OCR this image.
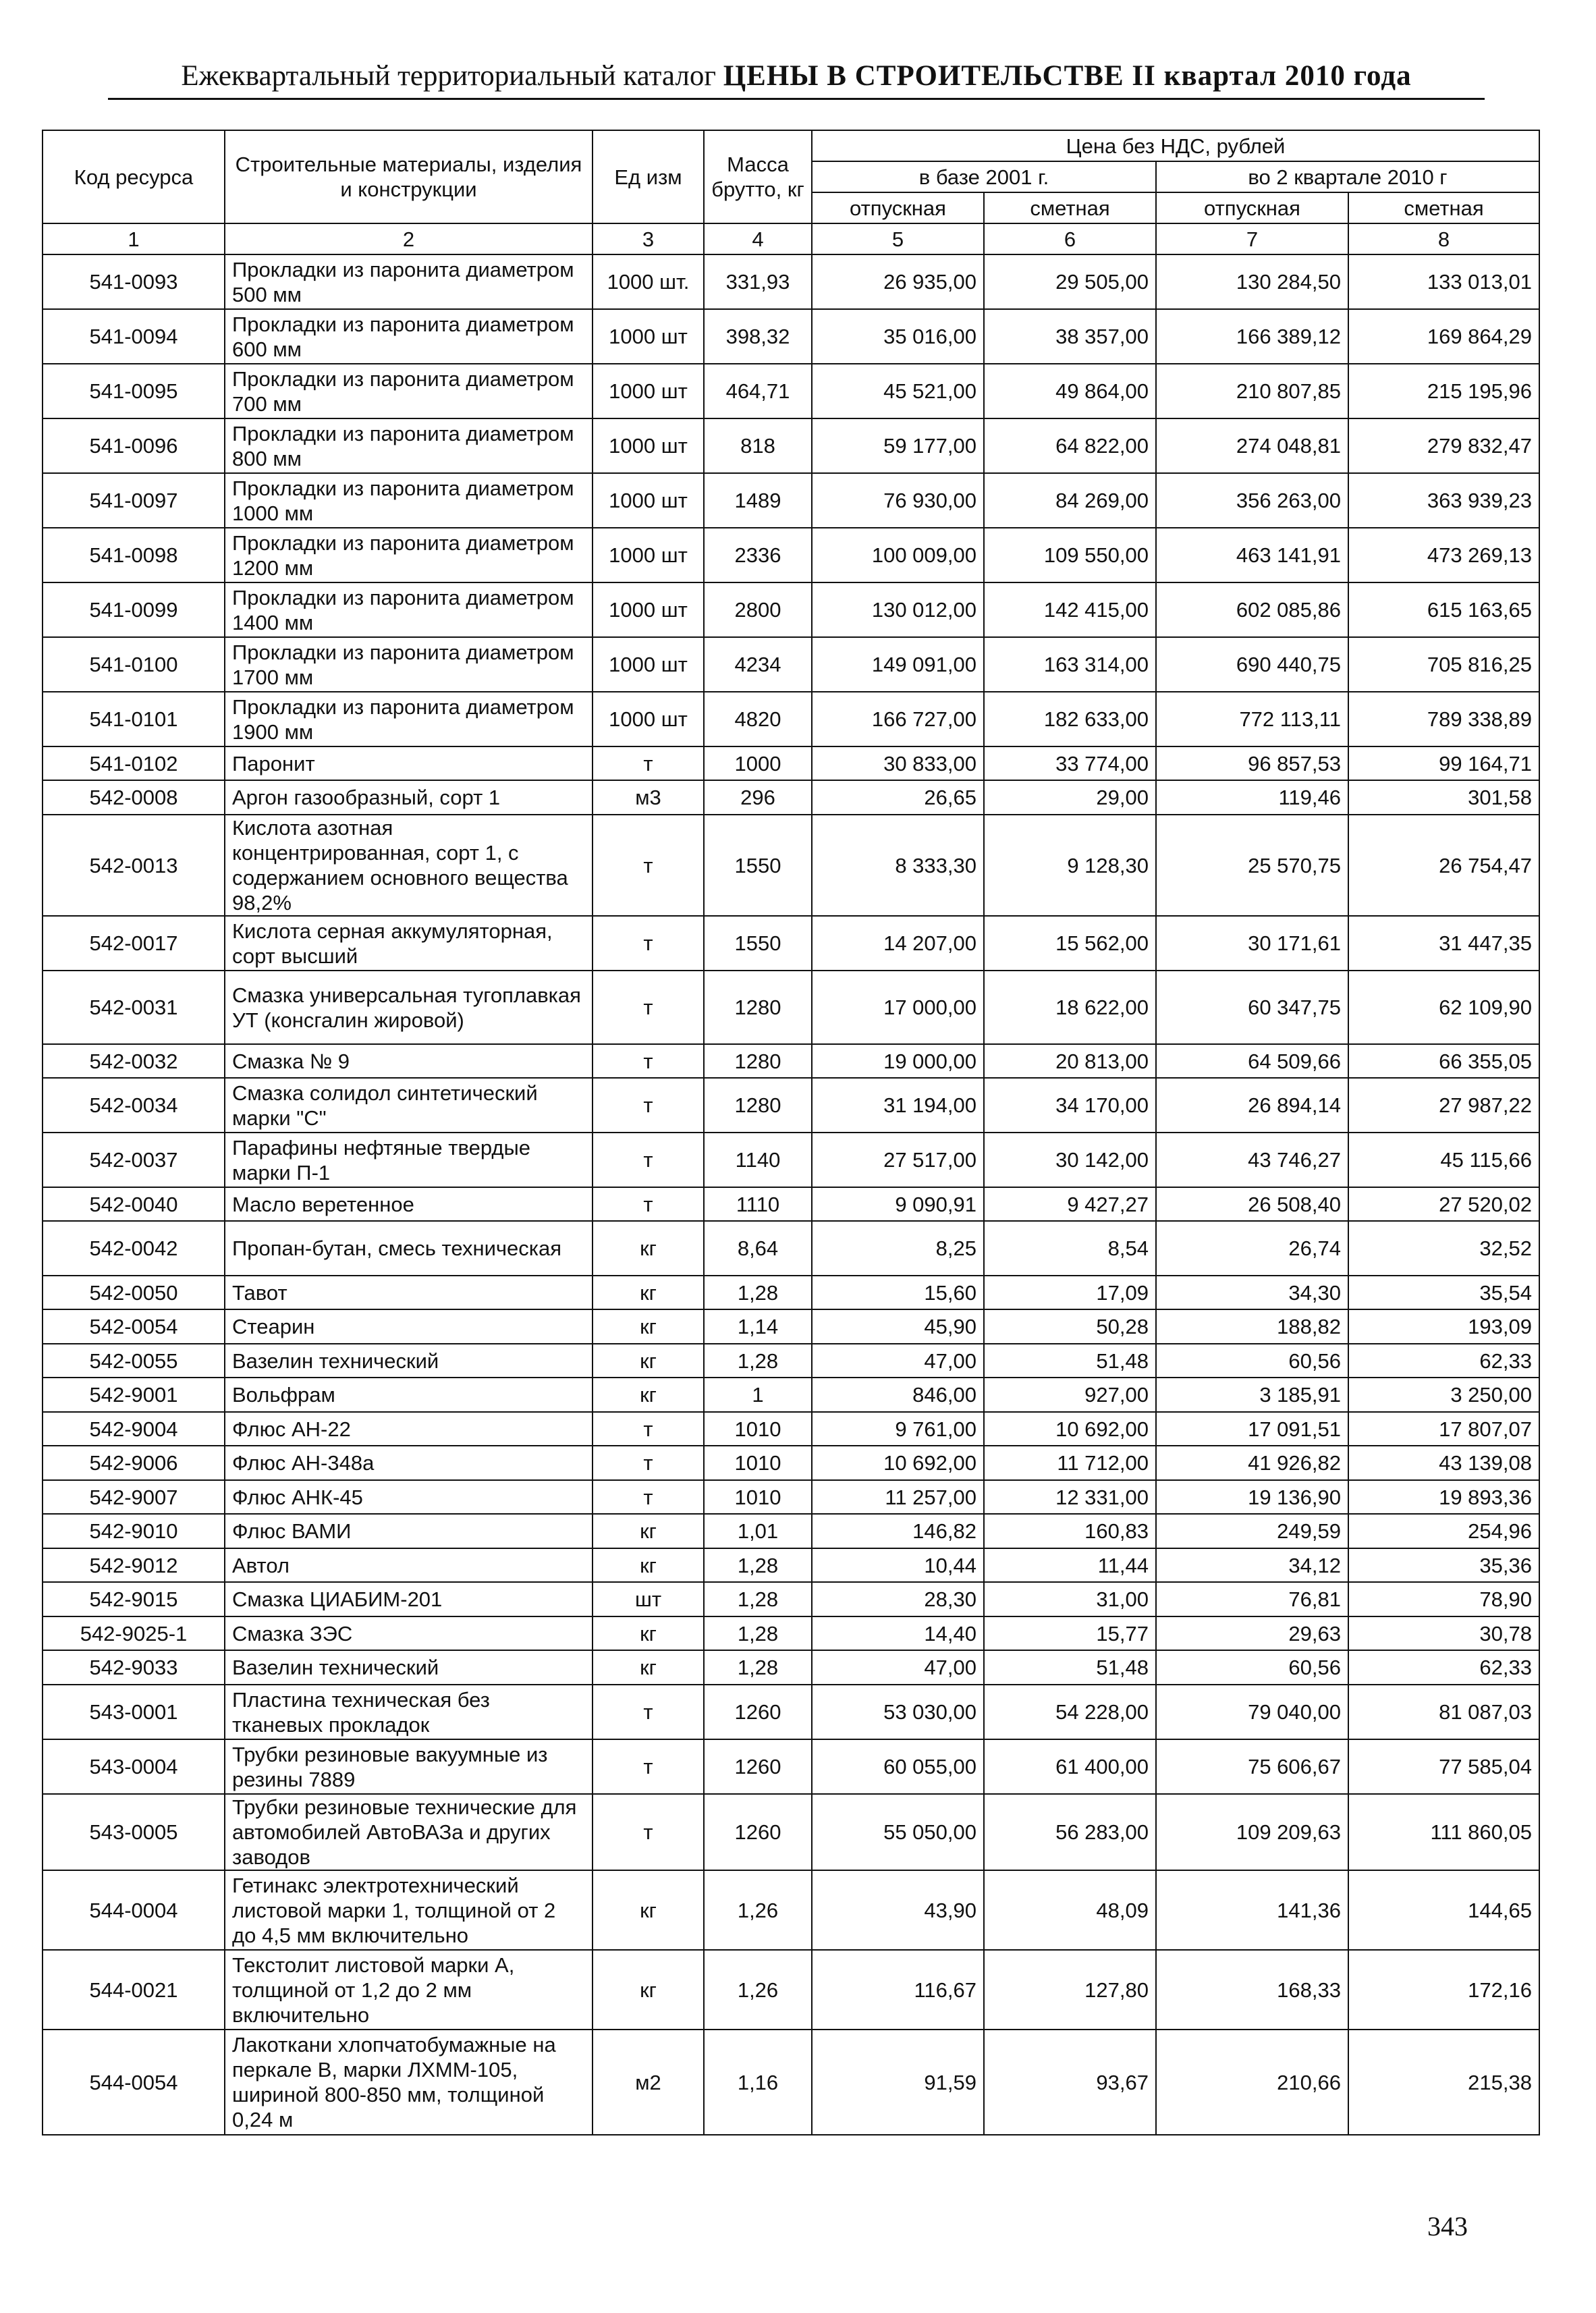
Ежеквартальный территориальный каталог ЦЕНЫ В СТРОИТЕЛЬСТВЕ II квартал 2010 года
Код ресурса	Строительные материалы, изделия и конструкции	Ед изм	Масса брутто, кг	Цена без НДС, рублей			
				в базе 2001 г.		во 2 квартале 2010 г	
				отпускная	сметная	отпускная	сметная
1	2	3	4	5	6	7	8
541-0093	Прокладки из паронита диаметром 500 мм	1000 шт.	331,93	26 935,00	29 505,00	130 284,50	133 013,01
541-0094	Прокладки из паронита диаметром 600 мм	1000 шт	398,32	35 016,00	38 357,00	166 389,12	169 864,29
541-0095	Прокладки из паронита диаметром 700 мм	1000 шт	464,71	45 521,00	49 864,00	210 807,85	215 195,96
541-0096	Прокладки из паронита диаметром 800 мм	1000 шт	818	59 177,00	64 822,00	274 048,81	279 832,47
541-0097	Прокладки из паронита диаметром 1000 мм	1000 шт	1489	76 930,00	84 269,00	356 263,00	363 939,23
541-0098	Прокладки из паронита диаметром 1200 мм	1000 шт	2336	100 009,00	109 550,00	463 141,91	473 269,13
541-0099	Прокладки из паронита диаметром 1400 мм	1000 шт	2800	130 012,00	142 415,00	602 085,86	615 163,65
541-0100	Прокладки из паронита диаметром 1700 мм	1000 шт	4234	149 091,00	163 314,00	690 440,75	705 816,25
541-0101	Прокладки из паронита диаметром 1900 мм	1000 шт	4820	166 727,00	182 633,00	772 113,11	789 338,89
541-0102	Паронит	т	1000	30 833,00	33 774,00	96 857,53	99 164,71
542-0008	Аргон газообразный, сорт 1	м3	296	26,65	29,00	119,46	301,58
542-0013	Кислота азотная концентрированная, сорт 1, с содержанием основного вещества 98,2%	т	1550	8 333,30	9 128,30	25 570,75	26 754,47
542-0017	Кислота серная аккумуляторная, сорт высший	т	1550	14 207,00	15 562,00	30 171,61	31 447,35
542-0031	Смазка универсальная тугоплавкая УТ (консгалин жировой)	т	1280	17 000,00	18 622,00	60 347,75	62 109,90
542-0032	Смазка № 9	т	1280	19 000,00	20 813,00	64 509,66	66 355,05
542-0034	Смазка солидол синтетический марки "С"	т	1280	31 194,00	34 170,00	26 894,14	27 987,22
542-0037	Парафины нефтяные твердые марки П-1	т	1140	27 517,00	30 142,00	43 746,27	45 115,66
542-0040	Масло веретенное	т	1110	9 090,91	9 427,27	26 508,40	27 520,02
542-0042	Пропан-бутан, смесь техническая	кг	8,64	8,25	8,54	26,74	32,52
542-0050	Тавот	кг	1,28	15,60	17,09	34,30	35,54
542-0054	Стеарин	кг	1,14	45,90	50,28	188,82	193,09
542-0055	Вазелин технический	кг	1,28	47,00	51,48	60,56	62,33
542-9001	Вольфрам	кг	1	846,00	927,00	3 185,91	3 250,00
542-9004	Флюс АН-22	т	1010	9 761,00	10 692,00	17 091,51	17 807,07
542-9006	Флюс АН-348а	т	1010	10 692,00	11 712,00	41 926,82	43 139,08
542-9007	Флюс АНК-45	т	1010	11 257,00	12 331,00	19 136,90	19 893,36
542-9010	Флюс ВАМИ	кг	1,01	146,82	160,83	249,59	254,96
542-9012	Автол	кг	1,28	10,44	11,44	34,12	35,36
542-9015	Смазка ЦИАБИМ-201	шт	1,28	28,30	31,00	76,81	78,90
542-9025-1	Смазка ЗЭС	кг	1,28	14,40	15,77	29,63	30,78
542-9033	Вазелин технический	кг	1,28	47,00	51,48	60,56	62,33
543-0001	Пластина техническая без тканевых прокладок	т	1260	53 030,00	54 228,00	79 040,00	81 087,03
543-0004	Трубки резиновые вакуумные из резины 7889	т	1260	60 055,00	61 400,00	75 606,67	77 585,04
543-0005	Трубки резиновые технические для автомобилей АвтоВАЗа и других заводов	т	1260	55 050,00	56 283,00	109 209,63	111 860,05
544-0004	Гетинакс электротехнический листовой марки 1, толщиной от 2 до 4,5 мм включительно	кг	1,26	43,90	48,09	141,36	144,65
544-0021	Текстолит листовой марки А, толщиной от 1,2 до 2 мм включительно	кг	1,26	116,67	127,80	168,33	172,16
544-0054	Лакоткани хлопчатобумажные на перкале В, марки ЛХММ-105, шириной 800-850 мм, толщиной 0,24 м	м2	1,16	91,59	93,67	210,66	215,38
343
